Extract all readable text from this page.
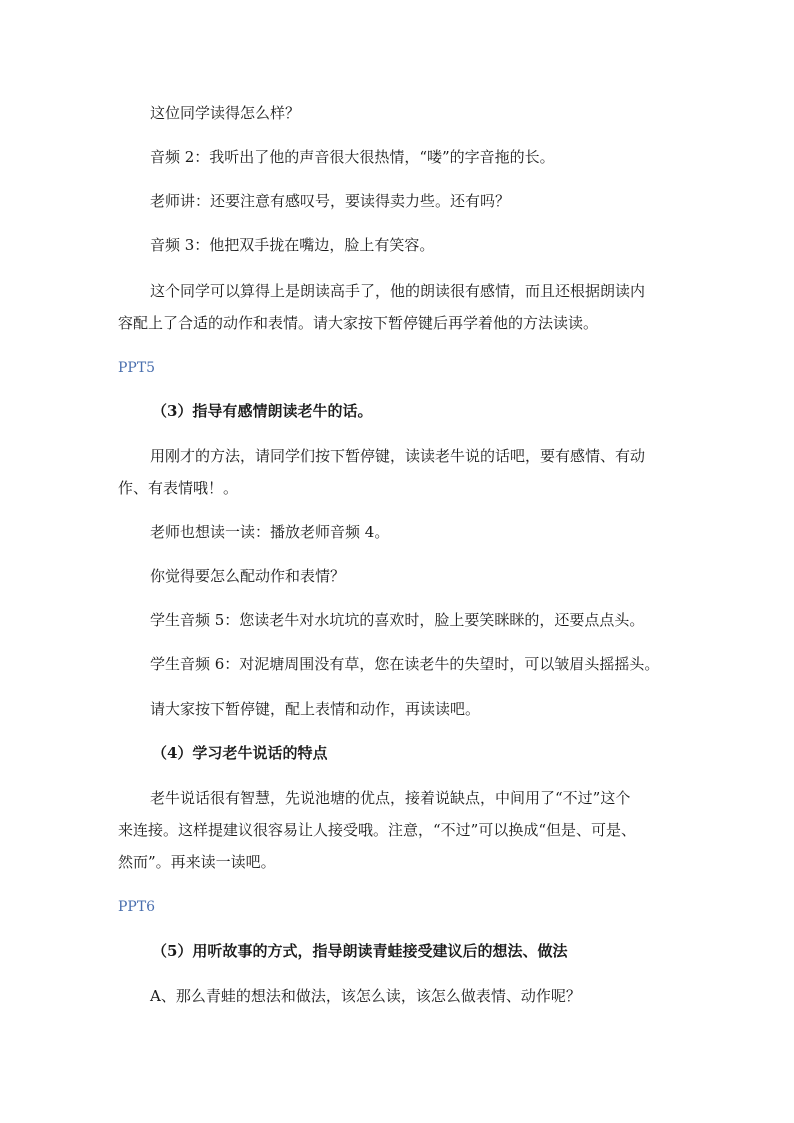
这位同学读得怎么样？
音频 2：我听出了他的声音很大很热情，“喽”的字音拖的长。
老师讲：还要注意有感叹号，要读得卖力些。还有吗？
音频 3：他把双手拢在嘴边，脸上有笑容。
这个同学可以算得上是朗读高手了，他的朗读很有感情，而且还根据朗读内
容配上了合适的动作和表情。请大家按下暂停键后再学着他的方法读读。
PPT5
（3）指导有感情朗读老牛的话。
用刚才的方法，请同学们按下暂停键，读读老牛说的话吧，要有感情、有动
作、有表情哦！。
老师也想读一读：播放老师音频 4。
你觉得要怎么配动作和表情？
学生音频 5：您读老牛对水坑坑的喜欢时，脸上要笑眯眯的，还要点点头。
学生音频 6：对泥塘周围没有草，您在读老牛的失望时，可以皱眉头摇摇头。
请大家按下暂停键，配上表情和动作，再读读吧。
（4）学习老牛说话的特点
老牛说话很有智慧，先说池塘的优点，接着说缺点，中间用了“不过”这个
来连接。这样提建议很容易让人接受哦。注意，“不过”可以换成“但是、可是、
然而”。再来读一读吧。
PPT6
（5）用听故事的方式，指导朗读青蛙接受建议后的想法、做法
A、那么青蛙的想法和做法，该怎么读，该怎么做表情、动作呢？
